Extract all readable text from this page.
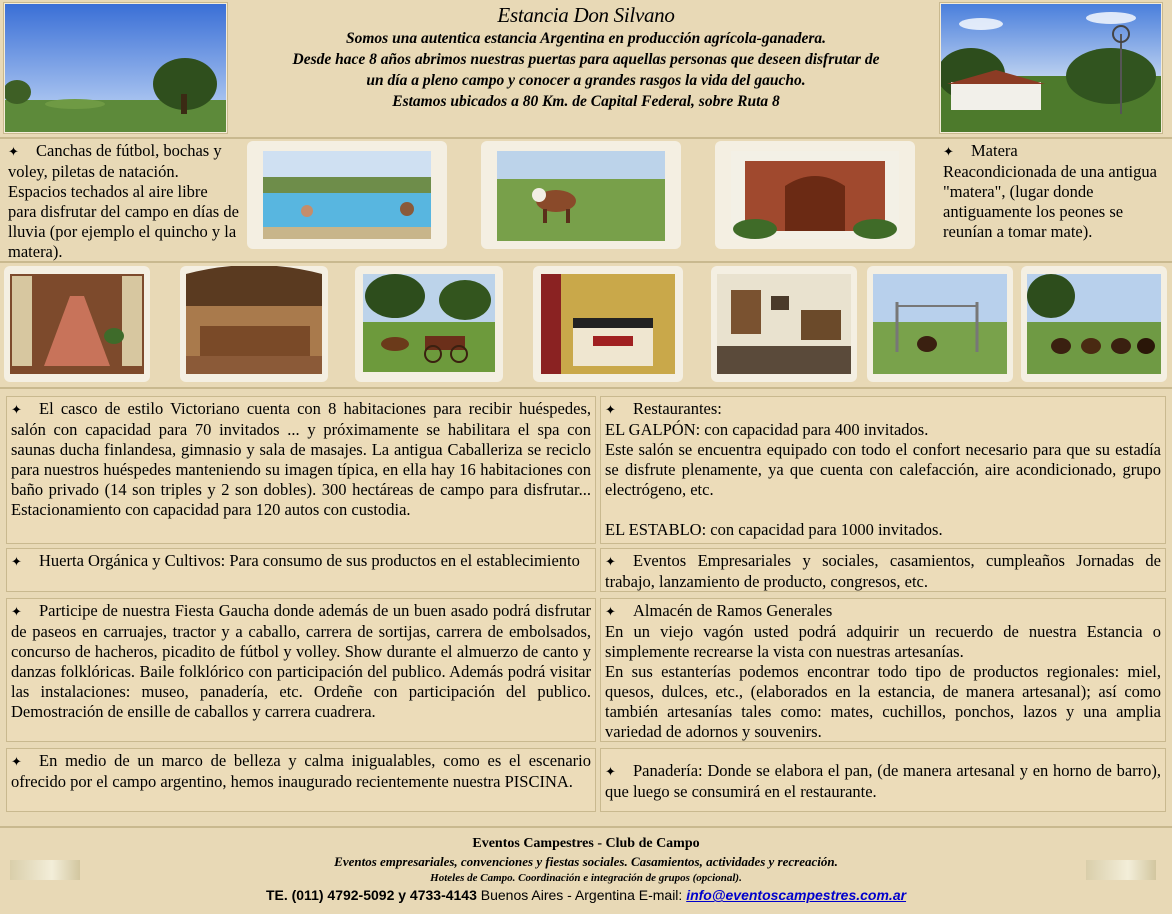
Estancia Don Silvano
Somos una autentica estancia Argentina en producción agrícola-ganadera.
Desde hace 8 años abrimos nuestras puertas para aquellas personas que deseen disfrutar de
un día a pleno campo y conocer a grandes rasgos la vida del gaucho.
Estamos ubicados a 80 Km. de Capital Federal, sobre Ruta 8
✦ Canchas de fútbol, bochas y voley, piletas de natación. Espacios techados al aire libre para disfrutar del campo en días de lluvia (por ejemplo el quincho y la matera).
✦ Matera
Reacondicionada de una antigua "matera", (lugar donde antiguamente los peones se reunían a tomar mate).
✦ El casco de estilo Victoriano cuenta con 8 habitaciones para recibir huéspedes, salón con capacidad para 70 invitados ... y próximamente se habilitara el spa con saunas ducha finlandesa, gimnasio y sala de masajes. La antigua Caballeriza se reciclo para nuestros huéspedes manteniendo su imagen típica, en ella hay 16 habitaciones con baño privado (14 son triples y 2 son dobles). 300 hectáreas de campo para disfrutar... Estacionamiento con capacidad para 120 autos con custodia.
✦ Restaurantes:
EL GALPÓN: con capacidad para 400 invitados.

Este salón se encuentra equipado con todo el confort necesario para que su estadía se disfrute plenamente, ya que cuenta con calefacción, aire acondicionado, grupo electrógeno, etc.

EL ESTABLO: con capacidad para 1000 invitados.
✦ Huerta Orgánica y Cultivos: Para consumo de sus productos en el establecimiento	✦ Eventos Empresariales y sociales, casamientos, cumpleaños Jornadas de trabajo, lanzamiento de producto, congresos, etc.
✦ Participe de nuestra Fiesta Gaucha donde además de un buen asado podrá disfrutar de paseos en carruajes, tractor y a caballo, carrera de sortijas, carrera de embolsados, concurso de hacheros, picadito de fútbol y volley. Show durante el almuerzo de canto y danzas folklóricas. Baile folklórico con participación del publico. Además podrá visitar las instalaciones: museo, panadería, etc. Ordeñe con participación del publico. Demostración de ensille de caballos y carrera cuadrera.
✦ Almacén de Ramos Generales

En un viejo vagón usted podrá adquirir un recuerdo de nuestra Estancia o simplemente recrearse la vista con nuestras artesanías.
En sus estanterías podemos encontrar todo tipo de productos regionales: miel, quesos, dulces, etc., (elaborados en la estancia, de manera artesanal); así como también artesanías tales como: mates, cuchillos, ponchos, lazos y una amplia variedad de adornos y souvenirs.
✦ En medio de un marco de belleza y calma inigualables, como es el escenario ofrecido por el campo argentino, hemos inaugurado recientemente nuestra PISCINA.
✦ Panadería: Donde se elabora el pan, (de manera artesanal y en horno de barro), que luego se consumirá en el restaurante.
Eventos Campestres - Club de Campo
Eventos empresariales, convenciones y fiestas sociales. Casamientos, actividades y recreación.
Hoteles de Campo. Coordinación e integración de grupos (opcional).
TE. (011) 4792-5092 y 4733-4143 Buenos Aires - Argentina E-mail: info@eventoscampestres.com.ar
